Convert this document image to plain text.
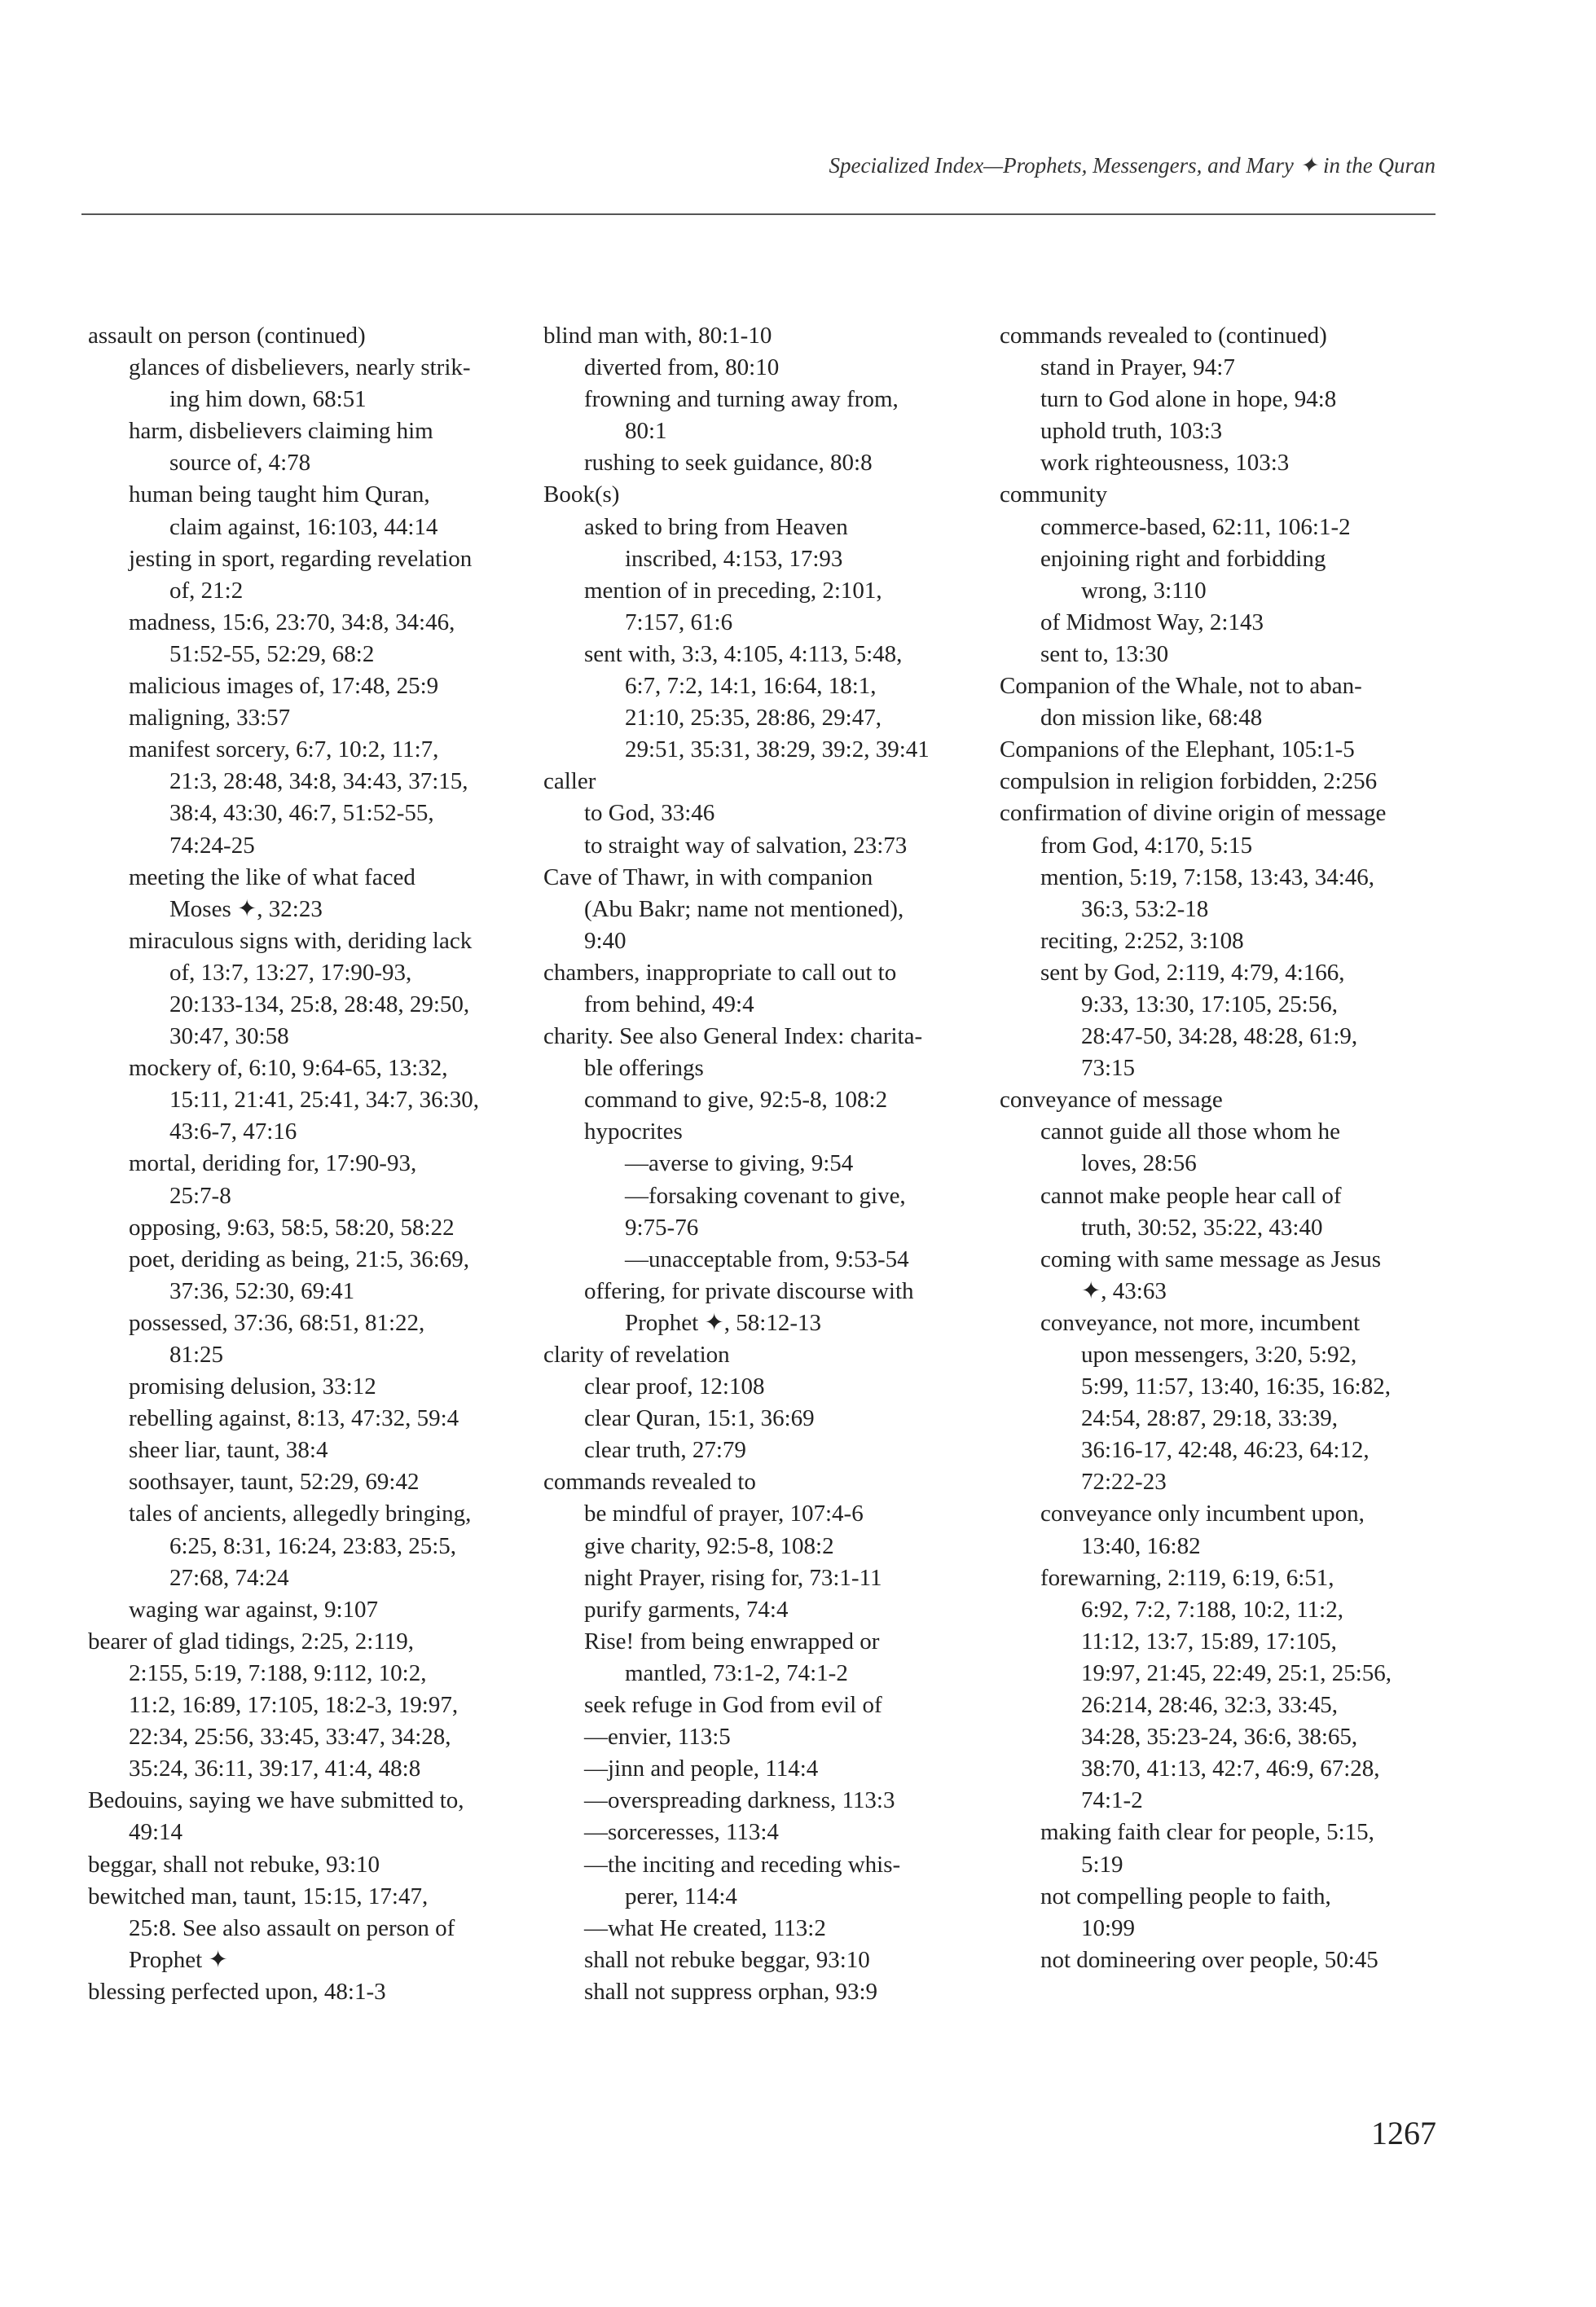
Specialized Index—Prophets, Messengers, and Mary ✦ in the Quran

assault on person (continued)

glances of disbelievers, nearly strik-
ing him down, 68:51

harm, disbelievers claiming him
source of, 4:78

human being taught him Quran,
claim against, 16:103, 44:14

jesting in sport, regarding revelation
of, 21:2

madness, 15:6, 23:70, 34:8, 34:46,
51:52-55, 52:29, 68:2

malicious images of, 17:48, 25:9

maligning, 33:57

manifest sorcery, 6:7, 10:2, 11:7,
21:3, 28:48, 34:8, 34:43, 37:15,
38:4, 43:30, 46:7, 51:52-55,
74:24-25

meeting the like of what faced
Moses ✦, 32:23

miraculous signs with, deriding lack
of, 13:7, 13:27, 17:90-93,
20:133-134, 25:8, 28:48, 29:50,
30:47, 30:58

mockery of, 6:10, 9:64-65, 13:32,
15:11, 21:41, 25:41, 34:7, 36:30,
43:6-7, 47:16

mortal, deriding for, 17:90-93,
25:7-8

opposing, 9:63, 58:5, 58:20, 58:22

poet, deriding as being, 21:5, 36:69,
37:36, 52:30, 69:41

possessed, 37:36, 68:51, 81:22,
81:25

promising delusion, 33:12

rebelling against, 8:13, 47:32, 59:4

sheer liar, taunt, 38:4

soothsayer, taunt, 52:29, 69:42

tales of ancients, allegedly bringing,
6:25, 8:31, 16:24, 23:83, 25:5,
27:68, 74:24

waging war against, 9:107

bearer of glad tidings, 2:25, 2:119,
2:155, 5:19, 7:188, 9:112, 10:2,
11:2, 16:89, 17:105, 18:2-3, 19:97,
22:34, 25:56, 33:45, 33:47, 34:28,
35:24, 36:11, 39:17, 41:4, 48:8

Bedouins, saying we have submitted to,
49:14

beggar, shall not rebuke, 93:10

bewitched man, taunt, 15:15, 17:47,
25:8. See also assault on person of
Prophet ✦

blessing perfected upon, 48:1-3

blind man with, 80:1-10

diverted from, 80:10

frowning and turning away from,
80:1

rushing to seek guidance, 80:8

Book(s)

asked to bring from Heaven
inscribed, 4:153, 17:93

mention of in preceding, 2:101,
7:157, 61:6

sent with, 3:3, 4:105, 4:113, 5:48,
6:7, 7:2, 14:1, 16:64, 18:1,
21:10, 25:35, 28:86, 29:47,
29:51, 35:31, 38:29, 39:2, 39:41

caller

to God, 33:46

to straight way of salvation, 23:73

Cave of Thawr, in with companion
(Abu Bakr; name not mentioned),
9:40

chambers, inappropriate to call out to
from behind, 49:4

charity. See also General Index: charita-
ble offerings

command to give, 92:5-8, 108:2

hypocrites

—averse to giving, 9:54

—forsaking covenant to give,
9:75-76

—unacceptable from, 9:53-54

offering, for private discourse with
Prophet ✦, 58:12-13

clarity of revelation

clear proof, 12:108

clear Quran, 15:1, 36:69

clear truth, 27:79

commands revealed to

be mindful of prayer, 107:4-6

give charity, 92:5-8, 108:2

night Prayer, rising for, 73:1-11

purify garments, 74:4

Rise! from being enwrapped or
mantled, 73:1-2, 74:1-2

seek refuge in God from evil of

—envier, 113:5

—jinn and people, 114:4

—overspreading darkness, 113:3

—sorceresses, 113:4

—the inciting and receding whis-
perer, 114:4

—what He created, 113:2

shall not rebuke beggar, 93:10

shall not suppress orphan, 93:9

commands revealed to (continued)

stand in Prayer, 94:7

turn to God alone in hope, 94:8

uphold truth, 103:3

work righteousness, 103:3

community

commerce-based, 62:11, 106:1-2

enjoining right and forbidding
wrong, 3:110

of Midmost Way, 2:143

sent to, 13:30

Companion of the Whale, not to aban-
don mission like, 68:48

Companions of the Elephant, 105:1-5

compulsion in religion forbidden, 2:256

confirmation of divine origin of message

from God, 4:170, 5:15

mention, 5:19, 7:158, 13:43, 34:46,
36:3, 53:2-18

reciting, 2:252, 3:108

sent by God, 2:119, 4:79, 4:166,
9:33, 13:30, 17:105, 25:56,
28:47-50, 34:28, 48:28, 61:9,
73:15

conveyance of message

cannot guide all those whom he
loves, 28:56

cannot make people hear call of
truth, 30:52, 35:22, 43:40

coming with same message as Jesus
✦, 43:63

conveyance, not more, incumbent
upon messengers, 3:20, 5:92,
5:99, 11:57, 13:40, 16:35, 16:82,
24:54, 28:87, 29:18, 33:39,
36:16-17, 42:48, 46:23, 64:12,
72:22-23

conveyance only incumbent upon,
13:40, 16:82

forewarning, 2:119, 6:19, 6:51,
6:92, 7:2, 7:188, 10:2, 11:2,
11:12, 13:7, 15:89, 17:105,
19:97, 21:45, 22:49, 25:1, 25:56,
26:214, 28:46, 32:3, 33:45,
34:28, 35:23-24, 36:6, 38:65,
38:70, 41:13, 42:7, 46:9, 67:28,
74:1-2

making faith clear for people, 5:15,
5:19

not compelling people to faith,
10:99

not domineering over people, 50:45

1267
